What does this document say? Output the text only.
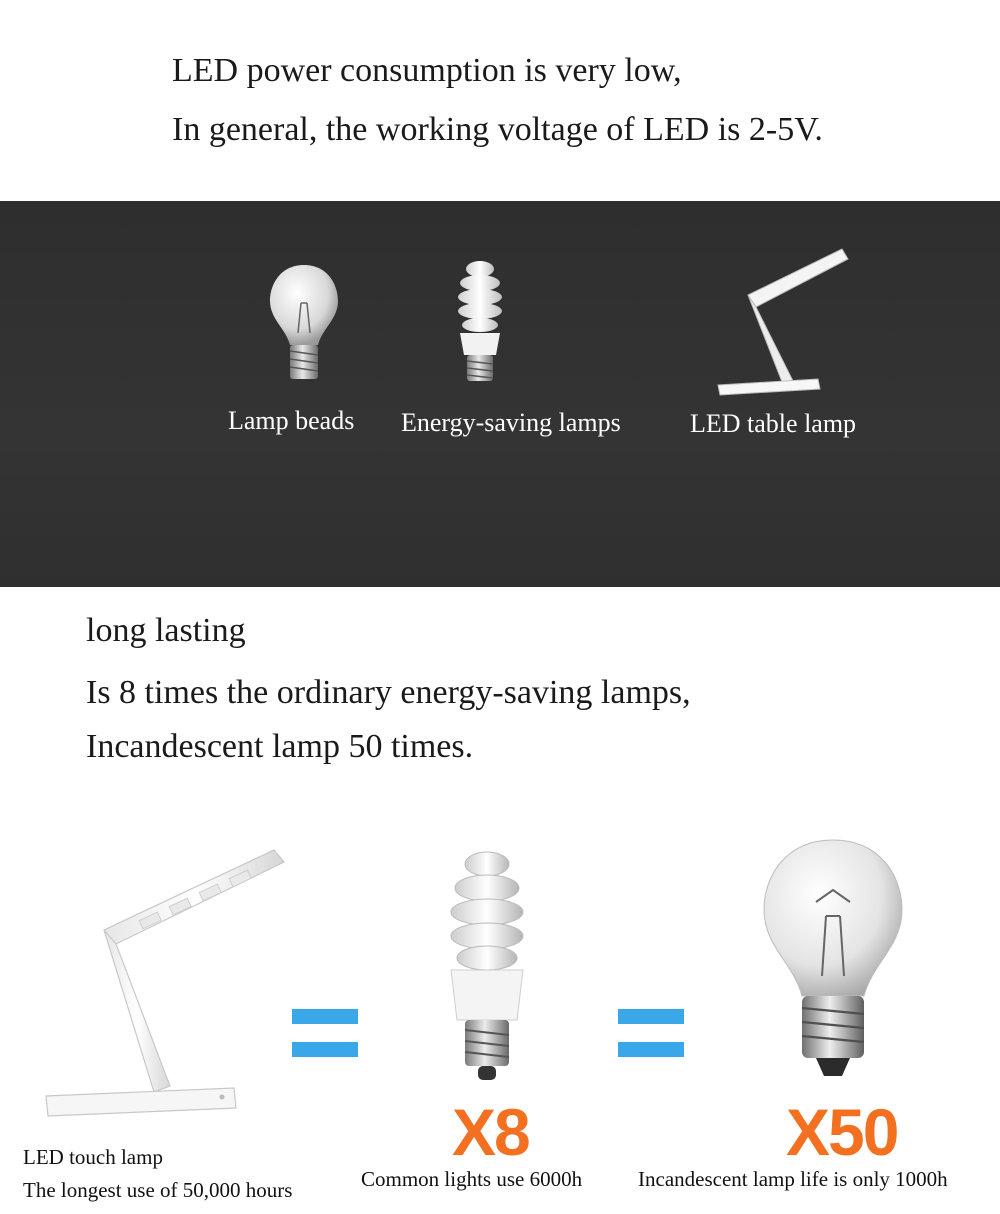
LED power consumption is very low,
In general, the working voltage of LED is 2-5V.
Lamp beads Energy-saving lamps	LED table lamp
long lasting
Is 8 times the ordinary energy-saving lamps,
Incandescent lamp 50 times.
X8	X50
LED touch lamp
The longest use of 50,000 hours	Common lights use 6000h	Incandescent lamp life is only 1000h
